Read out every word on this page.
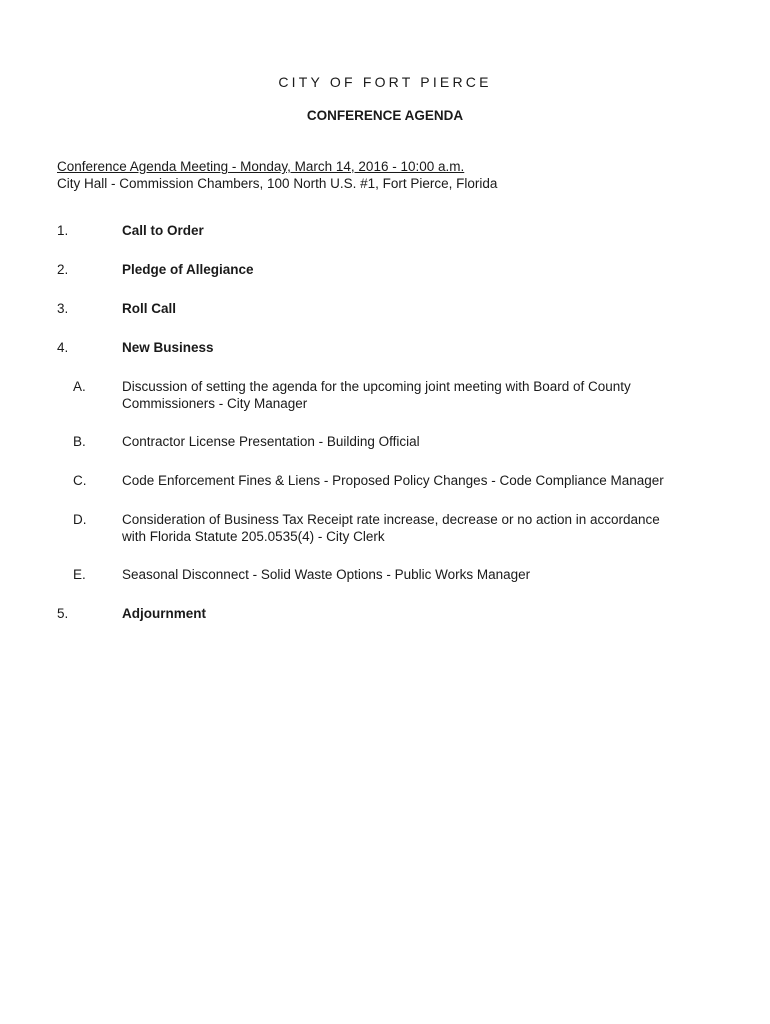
CITY OF FORT PIERCE
CONFERENCE AGENDA
Conference Agenda Meeting - Monday, March 14, 2016 - 10:00 a.m.
City Hall - Commission Chambers, 100 North U.S. #1, Fort Pierce, Florida
1.	Call to Order
2.	Pledge of Allegiance
3.	Roll Call
4.	New Business
A.	Discussion of setting the agenda for the upcoming joint meeting with Board of County Commissioners - City Manager
B.	Contractor License Presentation - Building Official
C.	Code Enforcement Fines & Liens - Proposed Policy Changes - Code Compliance Manager
D.	Consideration of Business Tax Receipt rate increase, decrease or no action in accordance with Florida Statute 205.0535(4) - City Clerk
E.	Seasonal Disconnect - Solid Waste Options - Public Works Manager
5.	Adjournment
